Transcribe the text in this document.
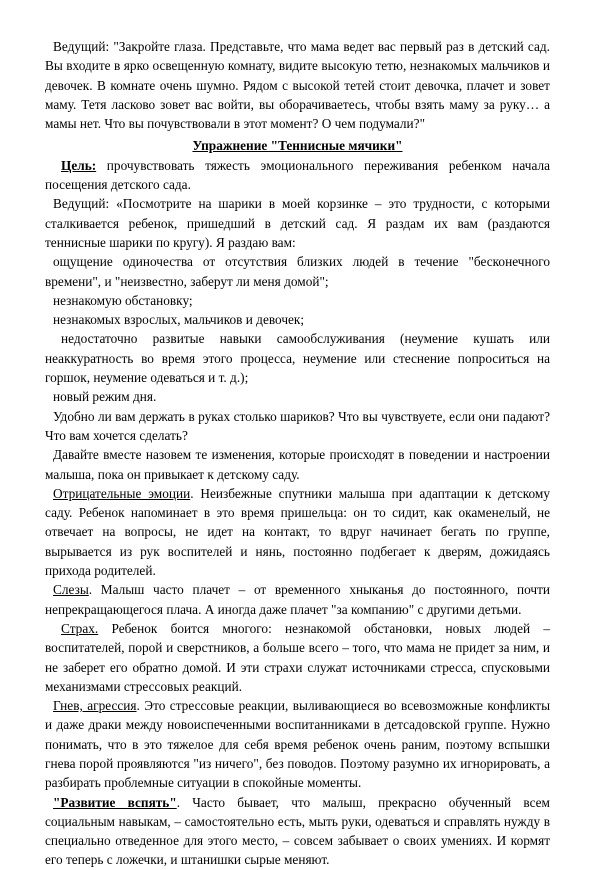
Ведущий: "Закройте глаза. Представьте, что мама ведет вас первый раз в детский сад. Вы входите в ярко освещенную комнату, видите высокую тетю, незнакомых мальчиков и девочек. В комнате очень шумно. Рядом с высокой тетей стоит девочка, плачет и зовет маму. Тетя ласково зовет вас войти, вы оборачиваетесь, чтобы взять маму за руку… а мамы нет. Что вы почувствовали в этот момент? О чем подумали?"

Упражнение "Теннисные мячики"

Цель: прочувствовать тяжесть эмоционального переживания ребенком начала посещения детского сада.

Ведущий: «Посмотрите на шарики в моей корзинке – это трудности, с которыми сталкивается ребенок, пришедший в детский сад. Я раздам их вам (раздаются теннисные шарики по кругу). Я раздаю вам:

ощущение одиночества от отсутствия близких людей в течение "бесконечного времени", и "неизвестно, заберут ли меня домой";

незнакомую обстановку;

незнакомых взрослых, мальчиков и девочек;

недостаточно развитые навыки самообслуживания (неумение кушать или неаккуратность во время этого процесса, неумение или стеснение попроситься на горшок, неумение одеваться и т. д.);

новый режим дня.

Удобно ли вам держать в руках столько шариков? Что вы чувствуете, если они падают? Что вам хочется сделать?

Давайте вместе назовем те изменения, которые происходят в поведении и настроении малыша, пока он привыкает к детскому саду.

Отрицательные эмоции. Неизбежные спутники малыша при адаптации к детскому саду. Ребенок напоминает в это время пришельца: он то сидит, как окаменелый, не отвечает на вопросы, не идет на контакт, то вдруг начинает бегать по группе, вырывается из рук воспителей и нянь, постоянно подбегает к дверям, дожидаясь прихода родителей.

Слезы. Малыш часто плачет – от временного хныканья до постоянного, почти непрекращающегося плача. А иногда даже плачет "за компанию" с другими детьми.

Страх. Ребенок боится многого: незнакомой обстановки, новых людей – воспитателей, порой и сверстников, а больше всего – того, что мама не придет за ним, и не заберет его обратно домой. И эти страхи служат источниками стресса, спусковыми механизмами стрессовых реакций.

Гнев, агрессия. Это стрессовые реакции, выливающиеся во всевозможные конфликты и даже драки между новоиспеченными воспитанниками в детсадовской группе. Нужно понимать, что в это тяжелое для себя время ребенок очень раним, поэтому вспышки гнева порой проявляются "из ничего", без поводов. Поэтому разумно их игнорировать, а разбирать проблемные ситуации в спокойные моменты.

"Развитие вспять". Часто бывает, что малыш, прекрасно обученный всем социальным навыкам, – самостоятельно есть, мыть руки, одеваться и справлять нужду в специально отведенное для этого место, – совсем забывает о своих умениях. И кормят его теперь с ложечки, и штанишки сырые меняют.
